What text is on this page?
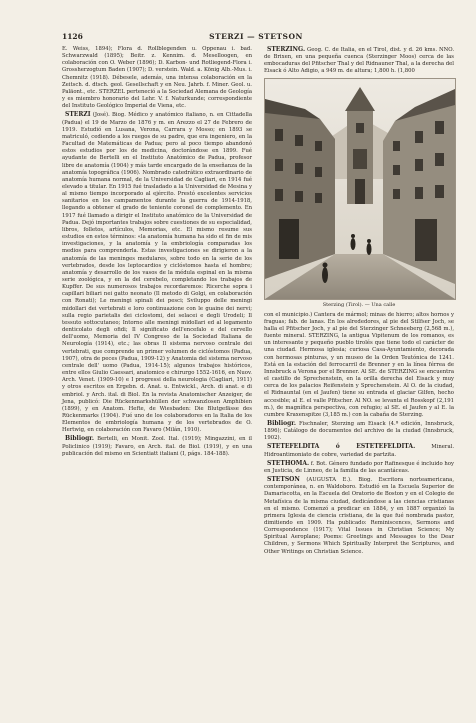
1126	STERZI — STETSON

E. Weiss, 1894); Flora d. Rollblegenden u. Oppenau i. bad. Schwarzwald (1895); Beitr. z. Kennim. d. Meselloogen, en colaboración con O. Weber (1896); D. Karbon- und Rotliegend-Flora i. Grossherzogtum Baden (1907); D. verstein. Wald. a. König Alb.-Mus. i. Chemnitz (1918). Débesele, además, una intensa colaboración en la Zeitsch. d. dtsch. geol. Gesellschaft y en Neu. Jahrb. f. Miner. Geol. u. Paläont., etc. STERZEL perteneció a la Sociedad Alemana de Geología y es miembro honorario del Lehr. V. f. Naturkunde; correspondiente del Instituto Geológico Imperial de Viena, etc.

STERZI (José). Biog. Médico y anatómico italiano, n. en Cittadella (Padua) el 19 de Marzo de 1876 y m. en Arezzo el 27 de Febrero de 1919. Estudió en Lusana, Verona, Carrara y Mosso; en 1893 se matriculó, cediendo a los ruegos de su padre, que era ingeniero, en la Facultad de Matemáticas de Padua; pero al poco tiempo abandonó estos estudios por los de medicina, doctorándose en 1899. Fué ayudante de Bertelli en el Instituto Anatómico de Padua, profesor libre de anatomía (1904) y más tarde encargado de la enseñanza de la anatomía topográfica (1906). Nombrado catedrático extraordinario de anatomía humana normal, de la Universidad de Cagliari, en 1914 fué elevado a titular. En 1915 fué trasladado a la Universidad de Mesina y al mismo tiempo incorporado al ejército. Prestó excelentes servicios sanitarios en los campamentos durante la guerra de 1914-1918, llegando a obtener el grado de teniente coronel de complemento. En 1917 fué llamado a dirigir el Instituto anatómico de la Universidad de Padua. Dejó importantes trabajos sobre cuestiones de su especialidad, libros, folletos, artículos, Memorias, etc. El mismo resume sus estudios en estos términos: «la anatomía humana ha sido el fin de mis investigaciones, y la anatomía y la embriología comparadas los medios para comprenderla. Estas investigaciones se dirigieron a la anatomía de las meninges medulares, sobre todo en la serie de los vertebrados, desde los leptocardios y ciclóstomos hasta el hombre; anatomía y desarrollo de los vasos de la médula espinal en la misma serie zoológica, y en la del cerebelo, completando los trabajos de Kupffer. De sus numerosos trabajos recordaremos: Ricerche sopra i capillari biliari nei gatto neonato (Il metodo di Golgi, en colaboración con Ronati); Le meningi spinali dei pesci; Sviluppo delle meningi midollari dei vertebrati e loro continuazione con le guaine dei nervi; sulla regio parietalis dei ciclostomi, dei selacei e degli Urodeli; Il tessuto sottocutaneo; Intorno alle meningi midollari ed al legamento denticolato degli ofidi; Il significato dell'encefalo e del cervello dell'uomo, Memoria del IV Congreso de la Sociedad Italiana de Neurología (1914), etc.; las obras Il sistema nervoso centrale dei vertebrati, que comprende un primer volumen de ciclóstomos (Padua, 1907), otra de peces (Padua, 1909-12) y Anatomia del sistema nervoso centrale dell' uomo (Padua, 1914-15); algunos trabajos históricos, entre ellos Giulio Caessari, anatomico e chirurgo 1552-1616, en Nuov. Arch. Venet. (1909-10) e I progressi della neurologia (Cagliari, 1911) y otros escritos en Ergebn. d. Anat. u. Entwickl., Arch. di anat. e di embriol. y Arch. ital. di Biol. En la revista Anatomischer Anzeiger, de Jena, publicó: Die Rückenmarkshüllen der schwanzlosen Amphibien (1899), y en Anatom. Hefte, de Wiesbaden: Die Blutgefässe des Rückenmarks (1904). Fué uno de los colaboradores en la Italia de los Elementos de embriología humana y de los vertebrados de O. Hertwig, en colaboración con Favaro (Milán, 1910).

Bibliogr. Bertelli, en Monit. Zool. Ital. (1919); Mingazzini, en il Policlinico (1919); Favaro, en Arch. ital. de Biol. (1919), y en una publicación del mismo en Scientiatt italiani (I, págs. 184-188).

STERZING. Geog. C. de Italia, en el Tirol, dist. y d. 26 kms. NNO. de Brixen, en una pequeña cuenca (Sterzinger Moos) cerca de las embocaduras del Pfitscher Thal y del Ridnauner Thal, a la derecha del Eisack ó Alto Adigio, a 949 m. de altura; 1,800 h. (1,800

Sterzing (Tirol). — Una calle

con el municipio.) Cantera de mármol; minas de hierro; altos hornos y fraguas; fab. de lanas. En los alrededores, al pie del Stilfser Joch, se halla el Pfitscher Joch, y al pie del Sterzinger Schneeberg (2,568 m.), fuente mineral. STERZING, la antigua Vipitenum de los romanos, es un interesante y pequeño pueblo tirolés que tiene todo el carácter de una ciudad. Hermosa iglesia; curiosa Casa-Ayuntamiento, decorada con hermosas pinturas, y un museo de la Orden Teutónica de 1241. Está en la estación del ferrocarril de Brenner y en la línea férrea de Innsbruck a Verona por el Brenner. Al SE. de STERZING se encuentra el castillo de Sprechenstein, en la orilla derecha del Eisack y muy cerca de los palacios Reifenstein y Sprechenstein. Al O. de la ciudad, el Ridnauntal (en el Jaufen) tiene su entrada el glaciar Gilfen, hecho accesible; al E. el valle Pfitscher. Al NO. se levanta el Rosskopf (2,191 m.), de magnífica perspectiva, con refugio; al SE. el Jaufen y al E. la cumbre Kraxenspitze (3,185 m.) con la cabaña de Sterzing.

Bibliogr. Fischnaler, Sterzing am Eisack (4.ª edición, Innsbruck, 1896); Catálogo de documentos del archivo de la ciudad (Innsbruck, 1902).

STETEFELDITA ó ESTETEFELDITA.	Mineral. Hidroantimoniato de cobre, variedad de partzita.

STETHOMA. f. Bot. Género fundado por Rafinesque é incluido hoy en Justicia, de Linneo, de la familia de las acantáceas.

STETSON (AUGUSTA E.). Biog. Escritora norteamericana, contemporánea, n. en Waldoboro. Estudió en la Escuela Superior de Damariscotta, en la Escuela del Oratorio de Boston y en el Colegio de Metafísica de la misma ciudad, dedicándose a las ciencias cristianas en el mismo. Comenzó a predicar en 1884, y en 1887 organizó la primera Iglesia de ciencia cristiana, de la que fué nombrada pastor, dimitiendo en 1909. Ha publicado: Reminiscences, Sermons and Correspondence (1917); Vital Issues in Christian Science; My Spiritual Aeroplane; Poems: Greetings and Messages to the Dear Children, y Sermons Which Spiritually Interpret the Scriptures, and Other Writings on Christian Science.
